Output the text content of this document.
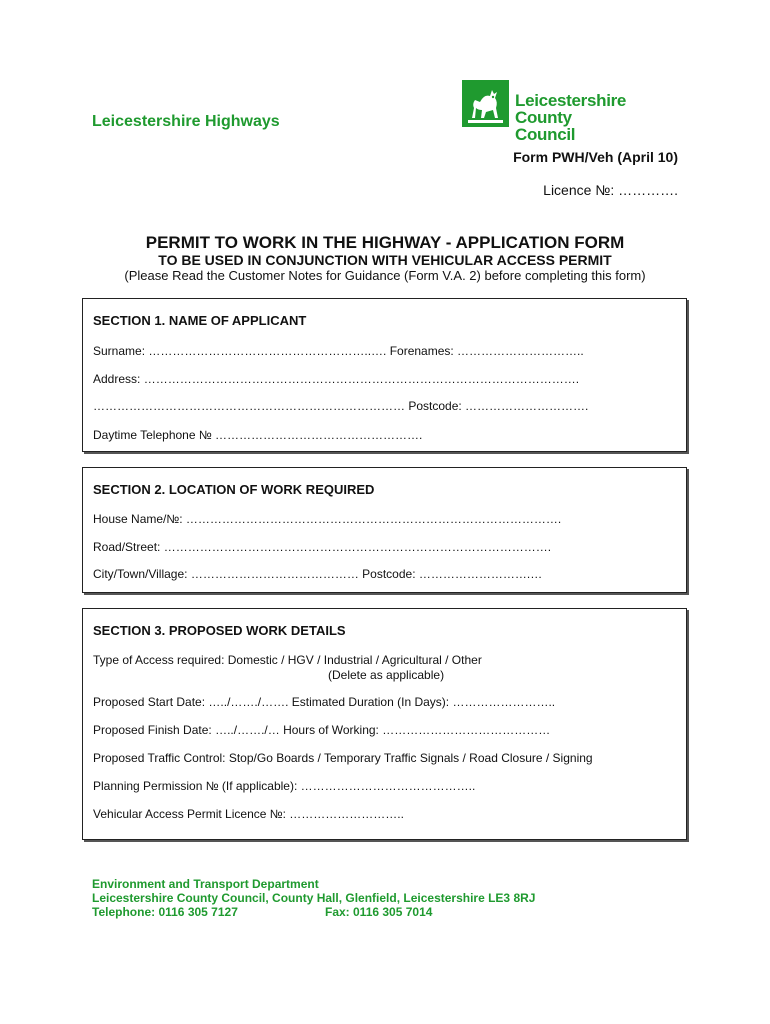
Leicestershire Highways
Leicestershire
County Council
Form PWH/Veh (April 10)
Licence №: ………….
PERMIT TO WORK IN THE HIGHWAY - APPLICATION FORM
TO BE USED IN CONJUNCTION WITH VEHICULAR ACCESS PERMIT
(Please Read the Customer Notes for Guidance (Form V.A. 2) before completing this form)
SECTION 1. NAME OF APPLICANT
Surname: ………………………………………………..…. Forenames: …………………………..
Address: ……………………………………………………………………………………………….
…………………………………………………………………… Postcode: ………………………….
Daytime Telephone № …………………………………………….
SECTION 2. LOCATION OF WORK REQUIRED
House Name/№: ………………………………………………………………………………….
Road/Street: …………………………………………………………………………………….
City/Town/Village: …………………………………… Postcode: ……………………….…
SECTION 3. PROPOSED WORK DETAILS
Type of Access required: Domestic / HGV / Industrial / Agricultural / Other
(Delete as applicable)
Proposed Start Date: …../……./……. Estimated Duration (In Days): ……………………..
Proposed Finish Date: …../……./… Hours of Working: ……………………………………
Proposed Traffic Control: Stop/Go Boards / Temporary Traffic Signals / Road Closure / Signing
Planning Permission № (If applicable): ……………………………………..
Vehicular Access Permit Licence №: ………………………..
Environment and Transport Department
Leicestershire County Council, County Hall, Glenfield, Leicestershire LE3 8RJ
Telephone: 0116 305 7127	Fax: 0116 305 7014
